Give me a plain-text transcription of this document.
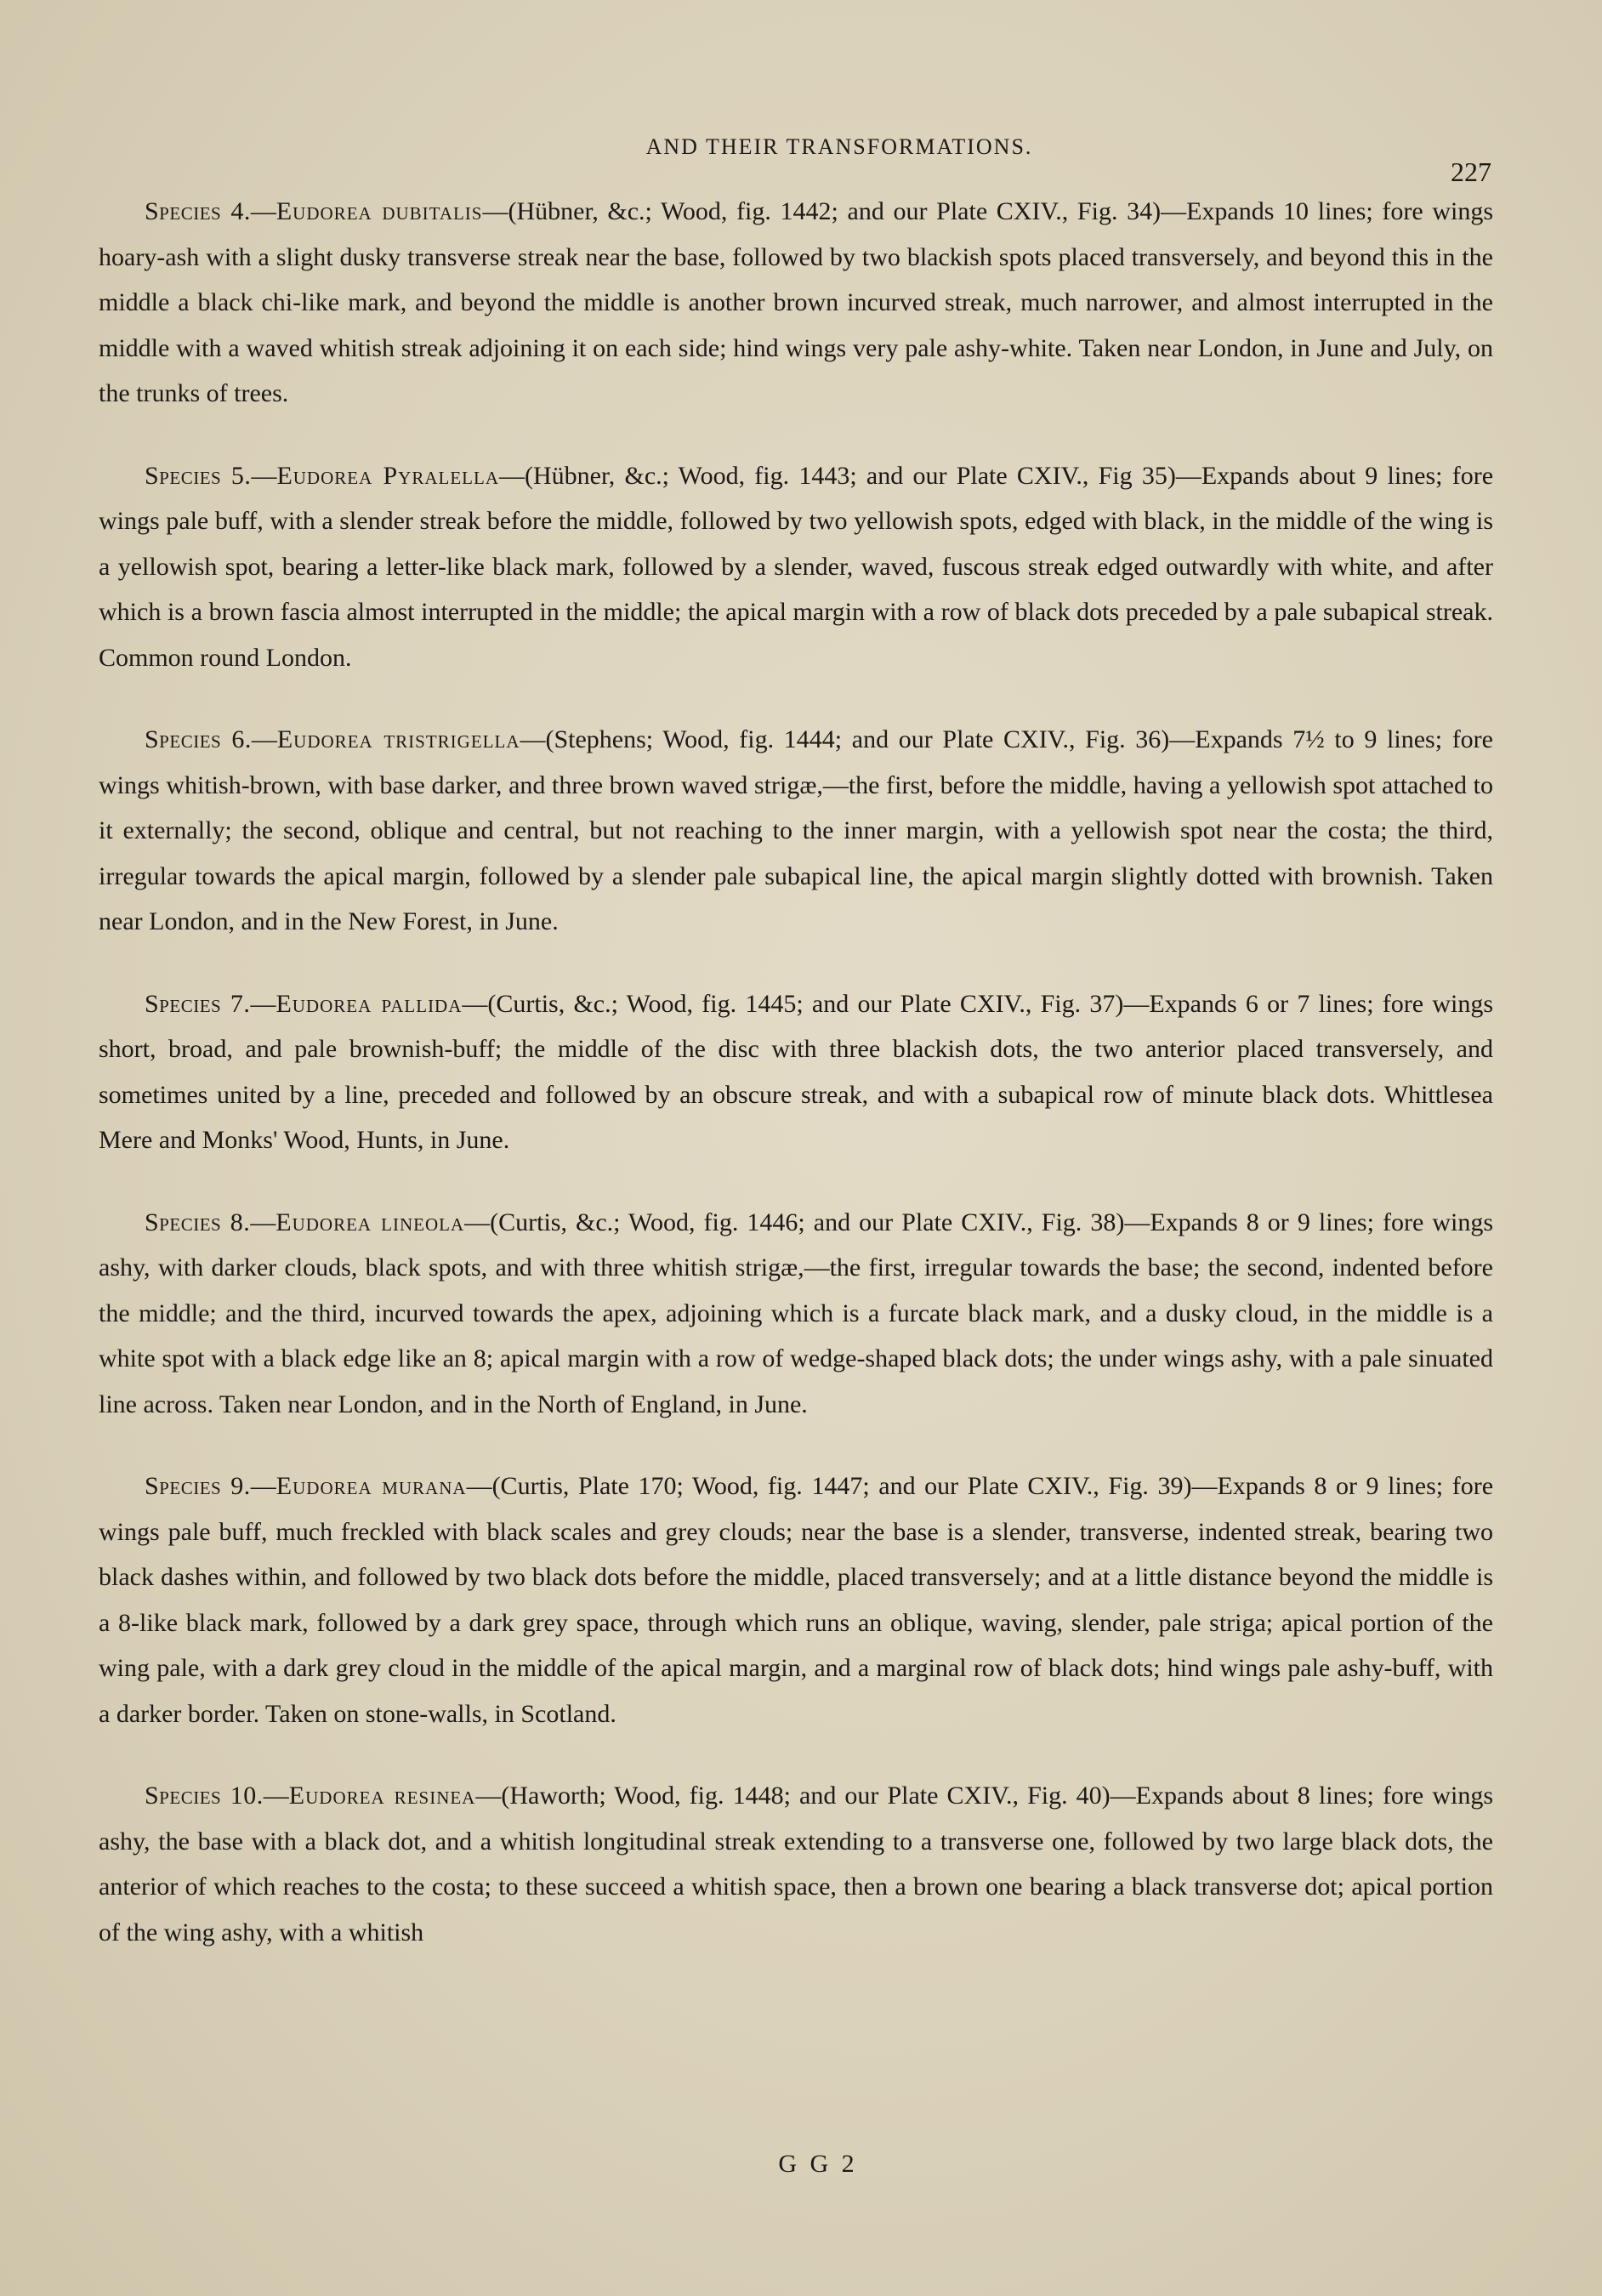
AND THEIR TRANSFORMATIONS.

227

Species 4.—Eudorea dubitalis—(Hübner, &c.; Wood, fig. 1442; and our Plate CXIV., Fig. 34)—Expands 10 lines; fore wings hoary-ash with a slight dusky transverse streak near the base, followed by two blackish spots placed transversely, and beyond this in the middle a black chi-like mark, and beyond the middle is another brown incurved streak, much narrower, and almost interrupted in the middle with a waved whitish streak adjoining it on each side; hind wings very pale ashy-white. Taken near London, in June and July, on the trunks of trees.

Species 5.—Eudorea Pyralella—(Hübner, &c.; Wood, fig. 1443; and our Plate CXIV., Fig 35)—Expands about 9 lines; fore wings pale buff, with a slender streak before the middle, followed by two yellowish spots, edged with black, in the middle of the wing is a yellowish spot, bearing a letter-like black mark, followed by a slender, waved, fuscous streak edged outwardly with white, and after which is a brown fascia almost interrupted in the middle; the apical margin with a row of black dots preceded by a pale subapical streak. Common round London.

Species 6.—Eudorea tristrigella—(Stephens; Wood, fig. 1444; and our Plate CXIV., Fig. 36)—Expands 7½ to 9 lines; fore wings whitish-brown, with base darker, and three brown waved strigæ,—the first, before the middle, having a yellowish spot attached to it externally; the second, oblique and central, but not reaching to the inner margin, with a yellowish spot near the costa; the third, irregular towards the apical margin, followed by a slender pale subapical line, the apical margin slightly dotted with brownish. Taken near London, and in the New Forest, in June.

Species 7.—Eudorea pallida—(Curtis, &c.; Wood, fig. 1445; and our Plate CXIV., Fig. 37)—Expands 6 or 7 lines; fore wings short, broad, and pale brownish-buff; the middle of the disc with three blackish dots, the two anterior placed transversely, and sometimes united by a line, preceded and followed by an obscure streak, and with a subapical row of minute black dots. Whittlesea Mere and Monks' Wood, Hunts, in June.

Species 8.—Eudorea lineola—(Curtis, &c.; Wood, fig. 1446; and our Plate CXIV., Fig. 38)—Expands 8 or 9 lines; fore wings ashy, with darker clouds, black spots, and with three whitish strigæ,—the first, irregular towards the base; the second, indented before the middle; and the third, incurved towards the apex, adjoining which is a furcate black mark, and a dusky cloud, in the middle is a white spot with a black edge like an 8; apical margin with a row of wedge-shaped black dots; the under wings ashy, with a pale sinuated line across. Taken near London, and in the North of England, in June.

Species 9.—Eudorea murana—(Curtis, Plate 170; Wood, fig. 1447; and our Plate CXIV., Fig. 39)—Expands 8 or 9 lines; fore wings pale buff, much freckled with black scales and grey clouds; near the base is a slender, transverse, indented streak, bearing two black dashes within, and followed by two black dots before the middle, placed transversely; and at a little distance beyond the middle is a 8-like black mark, followed by a dark grey space, through which runs an oblique, waving, slender, pale striga; apical portion of the wing pale, with a dark grey cloud in the middle of the apical margin, and a marginal row of black dots; hind wings pale ashy-buff, with a darker border. Taken on stone-walls, in Scotland.

Species 10.—Eudorea resinea—(Haworth; Wood, fig. 1448; and our Plate CXIV., Fig. 40)—Expands about 8 lines; fore wings ashy, the base with a black dot, and a whitish longitudinal streak extending to a transverse one, followed by two large black dots, the anterior of which reaches to the costa; to these succeed a whitish space, then a brown one bearing a black transverse dot; apical portion of the wing ashy, with a whitish

G G 2
